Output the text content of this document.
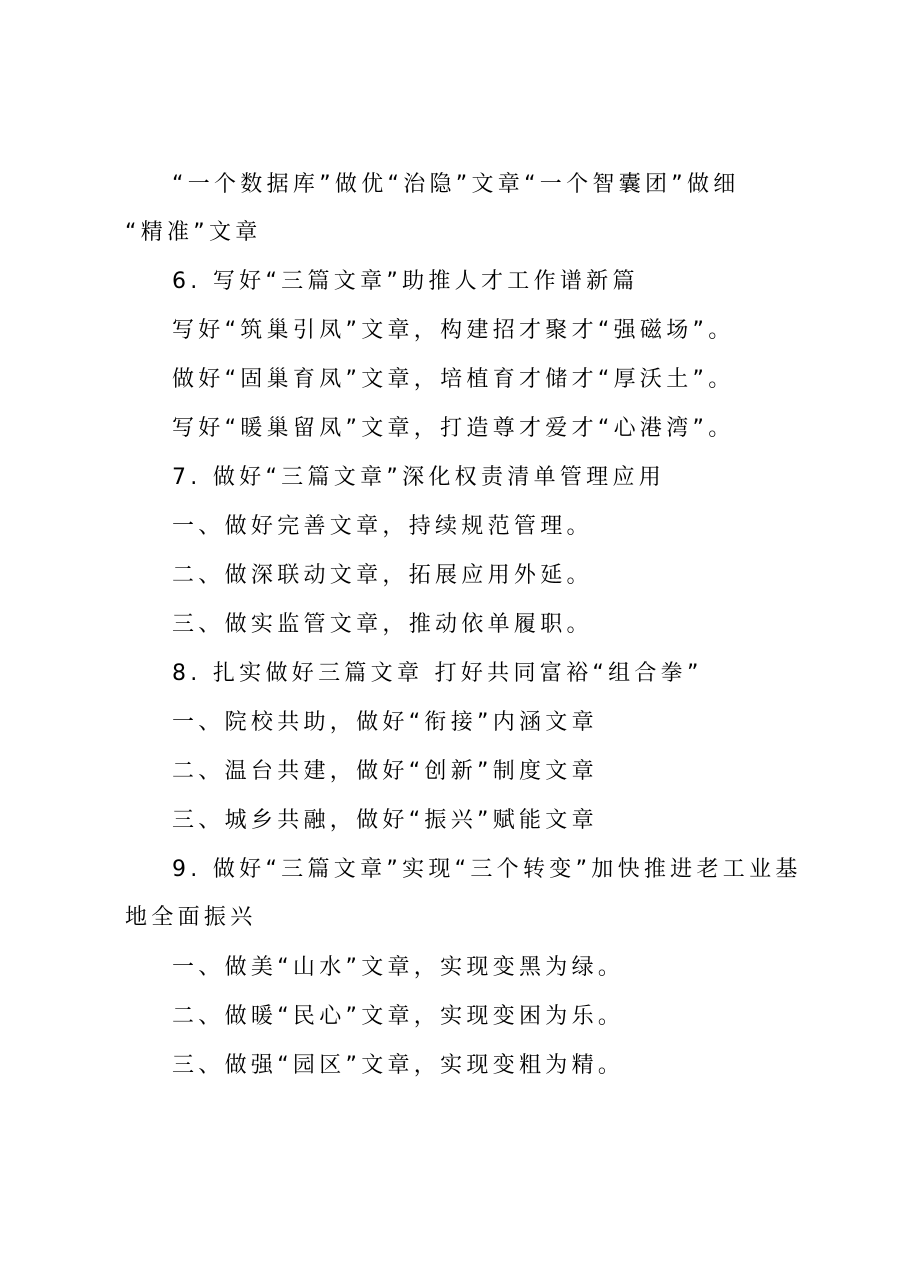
“一个数据库”做优“治隐”文章“一个智囊团”做细
“精准”文章
6. 写好“三篇文章”助推人才工作谱新篇
写好“筑巢引凤”文章，构建招才聚才“强磁场”。
做好“固巢育凤”文章，培植育才储才“厚沃土”。
写好“暖巢留凤”文章，打造尊才爱才“心港湾”。
7. 做好“三篇文章”深化权责清单管理应用
一、做好完善文章，持续规范管理。
二、做深联动文章，拓展应用外延。
三、做实监管文章，推动依单履职。
8. 扎实做好三篇文章 打好共同富裕“组合拳”
一、院校共助，做好“衔接”内涵文章
二、温台共建，做好“创新”制度文章
三、城乡共融，做好“振兴”赋能文章
9. 做好“三篇文章”实现“三个转变”加快推进老工业基
地全面振兴
一、做美“山水”文章，实现变黑为绿。
二、做暖“民心”文章，实现变困为乐。
三、做强“园区”文章，实现变粗为精。
